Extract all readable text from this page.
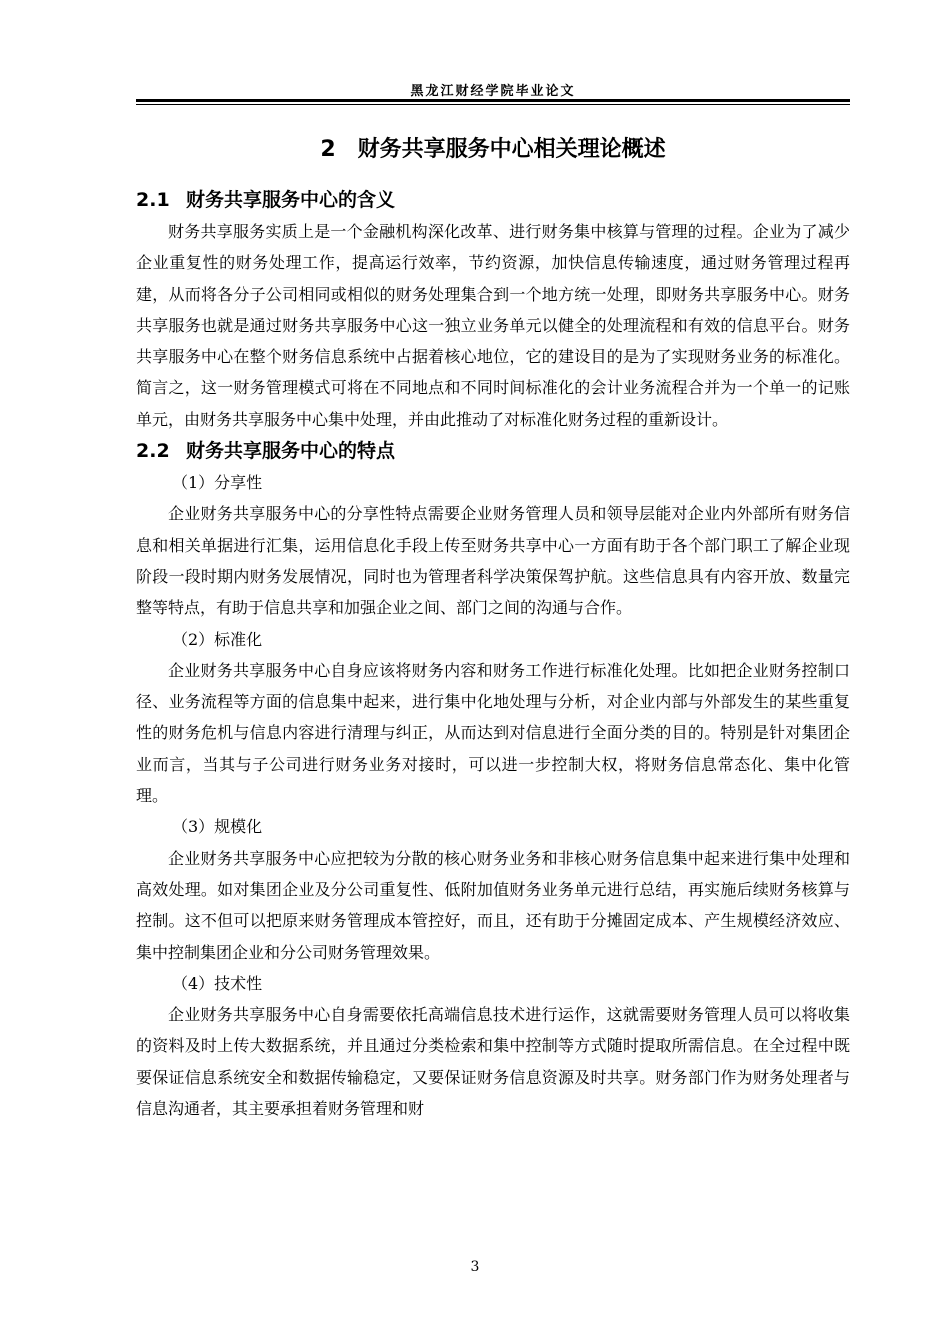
黑龙江财经学院毕业论文
2　财务共享服务中心相关理论概述
2.1 财务共享服务中心的含义

财务共享服务实质上是一个金融机构深化改革、进行财务集中核算与管理的过程。企业为了减少企业重复性的财务处理工作，提高运行效率，节约资源，加快信息传输速度，通过财务管理过程再建，从而将各分子公司相同或相似的财务处理集合到一个地方统一处理，即财务共享服务中心。财务共享服务也就是通过财务共享服务中心这一独立业务单元以健全的处理流程和有效的信息平台。财务共享服务中心在整个财务信息系统中占据着核心地位，它的建设目的是为了实现财务业务的标准化。简言之，这一财务管理模式可将在不同地点和不同时间标准化的会计业务流程合并为一个单一的记账单元，由财务共享服务中心集中处理，并由此推动了对标准化财务过程的重新设计。

2.2 财务共享服务中心的特点

（1）分享性

企业财务共享服务中心的分享性特点需要企业财务管理人员和领导层能对企业内外部所有财务信息和相关单据进行汇集，运用信息化手段上传至财务共享中心一方面有助于各个部门职工了解企业现阶段一段时期内财务发展情况，同时也为管理者科学决策保驾护航。这些信息具有内容开放、数量完整等特点，有助于信息共享和加强企业之间、部门之间的沟通与合作。

（2）标准化

企业财务共享服务中心自身应该将财务内容和财务工作进行标准化处理。比如把企业财务控制口径、业务流程等方面的信息集中起来，进行集中化地处理与分析，对企业内部与外部发生的某些重复性的财务危机与信息内容进行清理与纠正，从而达到对信息进行全面分类的目的。特别是针对集团企业而言，当其与子公司进行财务业务对接时，可以进一步控制大权，将财务信息常态化、集中化管理。

（3）规模化

企业财务共享服务中心应把较为分散的核心财务业务和非核心财务信息集中起来进行集中处理和高效处理。如对集团企业及分公司重复性、低附加值财务业务单元进行总结，再实施后续财务核算与控制。这不但可以把原来财务管理成本管控好，而且，还有助于分摊固定成本、产生规模经济效应、集中控制集团企业和分公司财务管理效果。

（4）技术性

企业财务共享服务中心自身需要依托高端信息技术进行运作，这就需要财务管理人员可以将收集的资料及时上传大数据系统，并且通过分类检索和集中控制等方式随时提取所需信息。在全过程中既要保证信息系统安全和数据传输稳定，又要保证财务信息资源及时共享。财务部门作为财务处理者与信息沟通者，其主要承担着财务管理和财

3
